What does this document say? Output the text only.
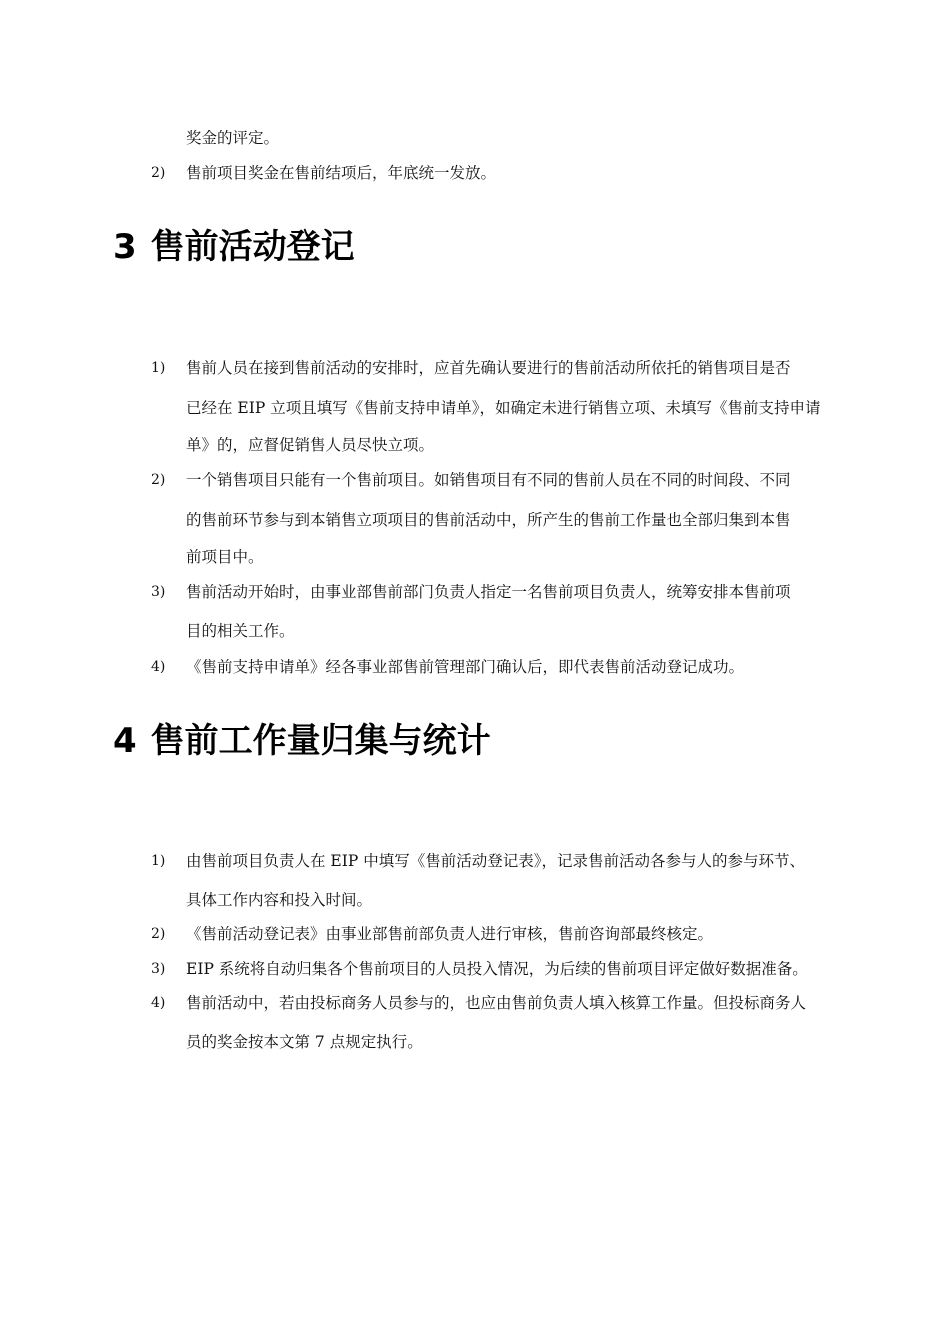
奖金的评定。
2) 售前项目奖金在售前结项后，年底统一发放。
3 售前活动登记
1) 售前人员在接到售前活动的安排时，应首先确认要进行的售前活动所依托的销售项目是否
已经在 EIP 立项且填写《售前支持申请单》，如确定未进行销售立项、未填写《售前支持申请
单》的，应督促销售人员尽快立项。
2) 一个销售项目只能有一个售前项目。如销售项目有不同的售前人员在不同的时间段、不同
的售前环节参与到本销售立项项目的售前活动中，所产生的售前工作量也全部归集到本售
前项目中。
3) 售前活动开始时，由事业部售前部门负责人指定一名售前项目负责人，统筹安排本售前项
目的相关工作。
4) 《售前支持申请单》经各事业部售前管理部门确认后，即代表售前活动登记成功。
4 售前工作量归集与统计
1) 由售前项目负责人在 EIP 中填写《售前活动登记表》，记录售前活动各参与人的参与环节、
具体工作内容和投入时间。
2) 《售前活动登记表》由事业部售前部负责人进行审核，售前咨询部最终核定。
3) EIP 系统将自动归集各个售前项目的人员投入情况，为后续的售前项目评定做好数据准备。
4) 售前活动中，若由投标商务人员参与的，也应由售前负责人填入核算工作量。但投标商务人
员的奖金按本文第 7 点规定执行。
